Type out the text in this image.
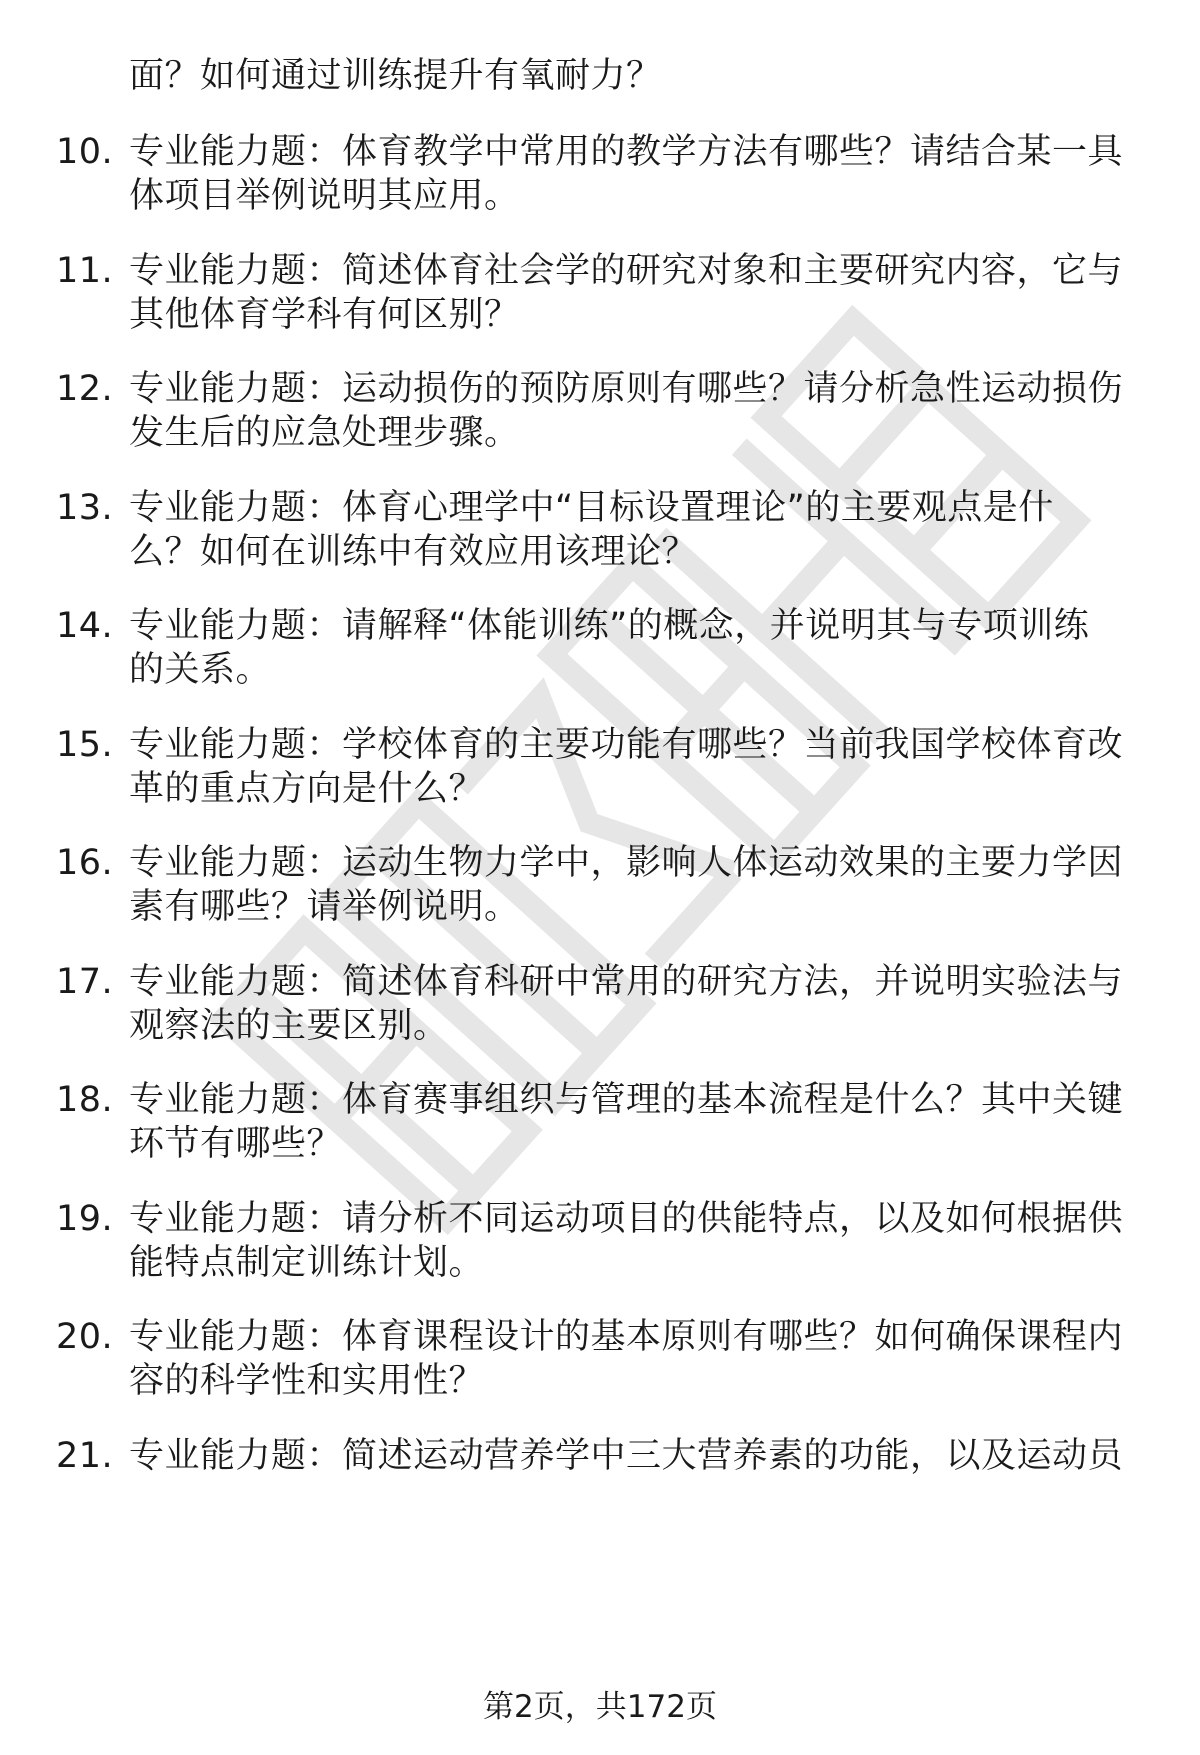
面？如何通过训练提升有氧耐力？
10. 专业能力题：体育教学中常用的教学方法有哪些？请结合某一具
体项目举例说明其应用。
11. 专业能力题：简述体育社会学的研究对象和主要研究内容，它与
其他体育学科有何区别？
12. 专业能力题：运动损伤的预防原则有哪些？请分析急性运动损伤
发生后的应急处理步骤。
13. 专业能力题：体育心理学中“目标设置理论”的主要观点是什
么？如何在训练中有效应用该理论？
14. 专业能力题：请解释“体能训练”的概念，并说明其与专项训练
的关系。
15. 专业能力题：学校体育的主要功能有哪些？当前我国学校体育改
革的重点方向是什么？
16. 专业能力题：运动生物力学中，影响人体运动效果的主要力学因
素有哪些？请举例说明。
17. 专业能力题：简述体育科研中常用的研究方法，并说明实验法与
观察法的主要区别。
18. 专业能力题：体育赛事组织与管理的基本流程是什么？其中关键
环节有哪些？
19. 专业能力题：请分析不同运动项目的供能特点，以及如何根据供
能特点制定训练计划。
20. 专业能力题：体育课程设计的基本原则有哪些？如何确保课程内
容的科学性和实用性？
21. 专业能力题：简述运动营养学中三大营养素的功能，以及运动员
第2页，共172页
